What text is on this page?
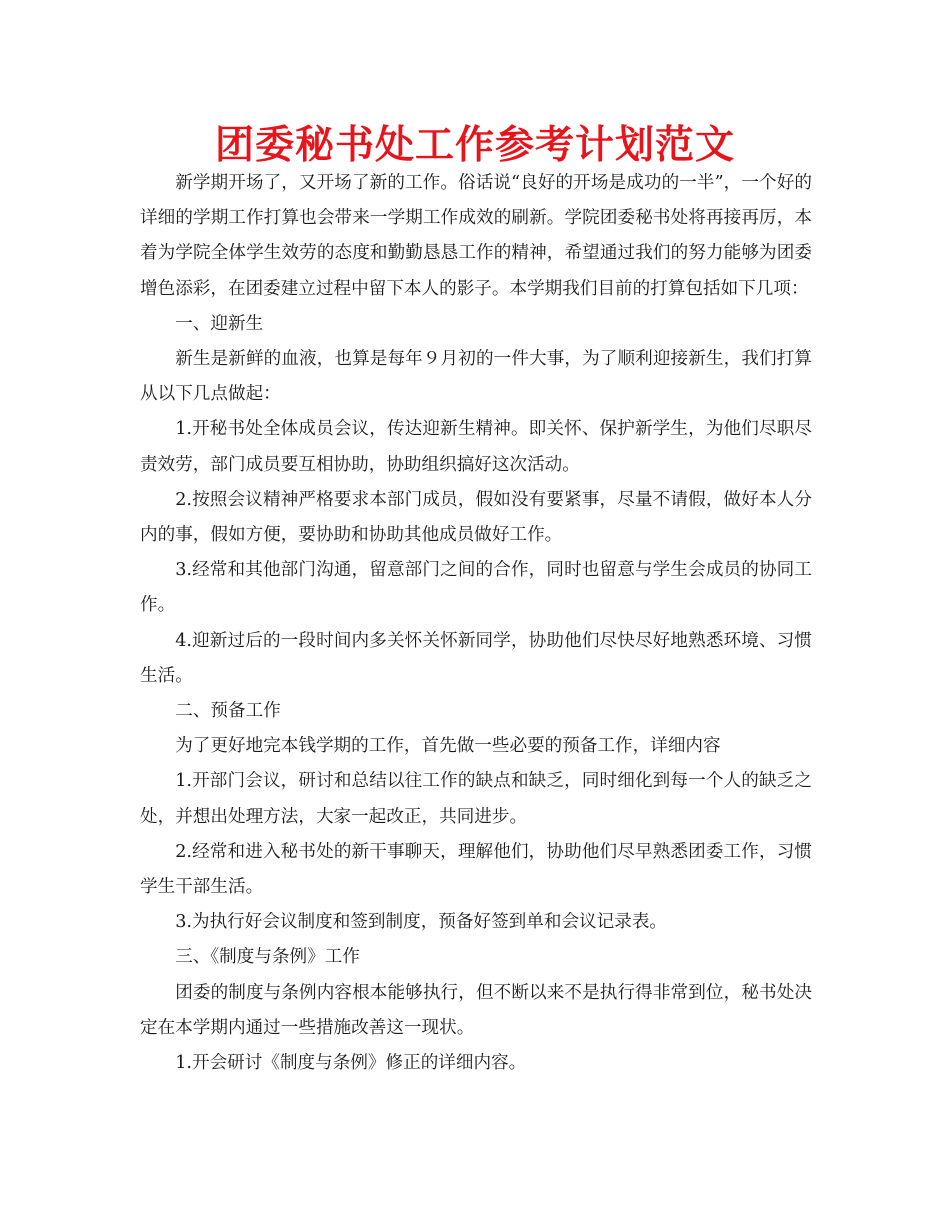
团委秘书处工作参考计划范文

新学期开场了，又开场了新的工作。俗话说“良好的开场是成功的一半”，一个好的详细的学期工作打算也会带来一学期工作成效的刷新。学院团委秘书处将再接再厉，本着为学院全体学生效劳的态度和勤勤恳恳工作的精神，希望通过我们的努力能够为团委增色添彩，在团委建立过程中留下本人的影子。本学期我们目前的打算包括如下几项：

一、迎新生

新生是新鲜的血液，也算是每年９月初的一件大事，为了顺利迎接新生，我们打算从以下几点做起：

1.开秘书处全体成员会议，传达迎新生精神。即关怀、保护新学生，为他们尽职尽责效劳，部门成员要互相协助，协助组织搞好这次活动。

2.按照会议精神严格要求本部门成员，假如没有要紧事，尽量不请假，做好本人分内的事，假如方便，要协助和协助其他成员做好工作。

3.经常和其他部门沟通，留意部门之间的合作，同时也留意与学生会成员的协同工作。

4.迎新过后的一段时间内多关怀关怀新同学，协助他们尽快尽好地熟悉环境、习惯生活。

二、预备工作

为了更好地完本钱学期的工作，首先做一些必要的预备工作，详细内容

1.开部门会议，研讨和总结以往工作的缺点和缺乏，同时细化到每一个人的缺乏之处，并想出处理方法，大家一起改正，共同进步。

2.经常和进入秘书处的新干事聊天，理解他们，协助他们尽早熟悉团委工作，习惯学生干部生活。

3.为执行好会议制度和签到制度，预备好签到单和会议记录表。

三、《制度与条例》工作

团委的制度与条例内容根本能够执行，但不断以来不是执行得非常到位，秘书处决定在本学期内通过一些措施改善这一现状。

1.开会研讨《制度与条例》修正的详细内容。
